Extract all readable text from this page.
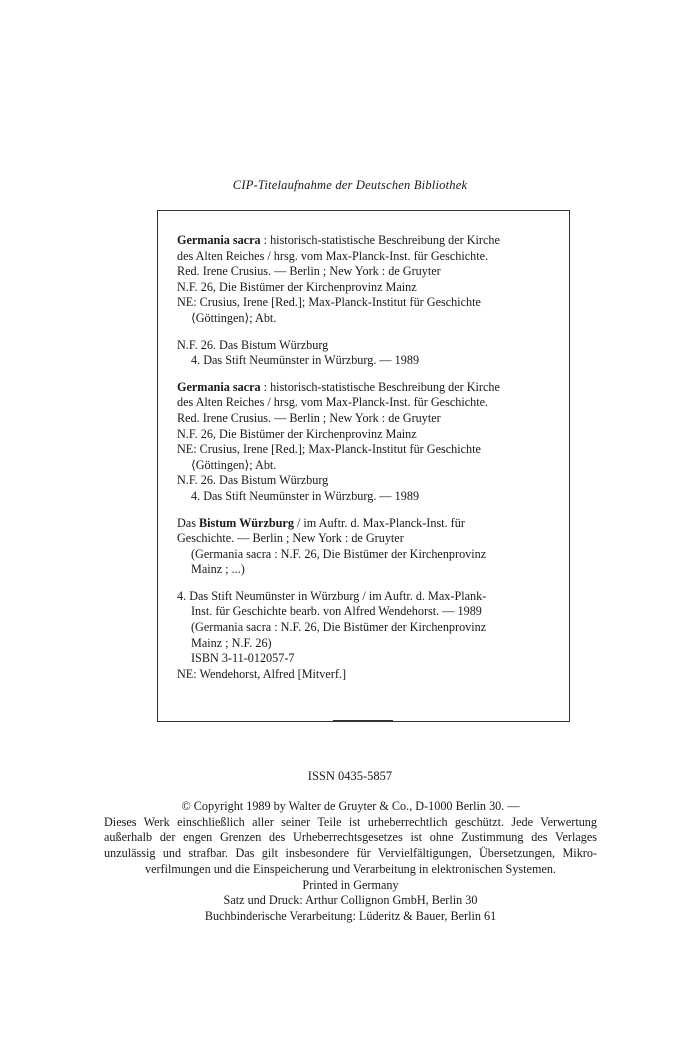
CIP-Titelaufnahme der Deutschen Bibliothek
Germania sacra : historisch-statistische Beschreibung der Kirche
des Alten Reiches / hrsg. vom Max-Planck-Inst. für Geschichte.
Red. Irene Crusius. — Berlin ; New York : de Gruyter
N.F. 26, Die Bistümer der Kirchenprovinz Mainz
NE: Crusius, Irene [Red.]; Max-Planck-Institut für Geschichte
⟨Göttingen⟩; Abt.
N.F. 26. Das Bistum Würzburg
4. Das Stift Neumünster in Würzburg. — 1989
Germania sacra : historisch-statistische Beschreibung der Kirche
des Alten Reiches / hrsg. vom Max-Planck-Inst. für Geschichte.
Red. Irene Crusius. — Berlin ; New York : de Gruyter
N.F. 26, Die Bistümer der Kirchenprovinz Mainz
NE: Crusius, Irene [Red.]; Max-Planck-Institut für Geschichte
⟨Göttingen⟩; Abt.
N.F. 26. Das Bistum Würzburg
4. Das Stift Neumünster in Würzburg. — 1989
Das Bistum Würzburg / im Auftr. d. Max-Planck-Inst. für
Geschichte. — Berlin ; New York : de Gruyter
(Germania sacra : N.F. 26, Die Bistümer der Kirchenprovinz
Mainz ; ...)
4. Das Stift Neumünster in Würzburg / im Auftr. d. Max-Plank-
Inst. für Geschichte bearb. von Alfred Wendehorst. — 1989
(Germania sacra : N.F. 26, Die Bistümer der Kirchenprovinz
Mainz ; N.F. 26)
ISBN 3-11-012057-7
NE: Wendehorst, Alfred [Mitverf.]
ISSN 0435-5857
© Copyright 1989 by Walter de Gruyter & Co., D-1000 Berlin 30. —
Dieses Werk einschließlich aller seiner Teile ist urheberrechtlich geschützt. Jede Verwertung
außerhalb der engen Grenzen des Urheberrechtsgesetzes ist ohne Zustimmung des Verlages
unzulässig und strafbar. Das gilt insbesondere für Vervielfältigungen, Übersetzungen, Mikro-
verfilmungen und die Einspeicherung und Verarbeitung in elektronischen Systemen.
Printed in Germany
Satz und Druck: Arthur Collignon GmbH, Berlin 30
Buchbinderische Verarbeitung: Lüderitz & Bauer, Berlin 61
